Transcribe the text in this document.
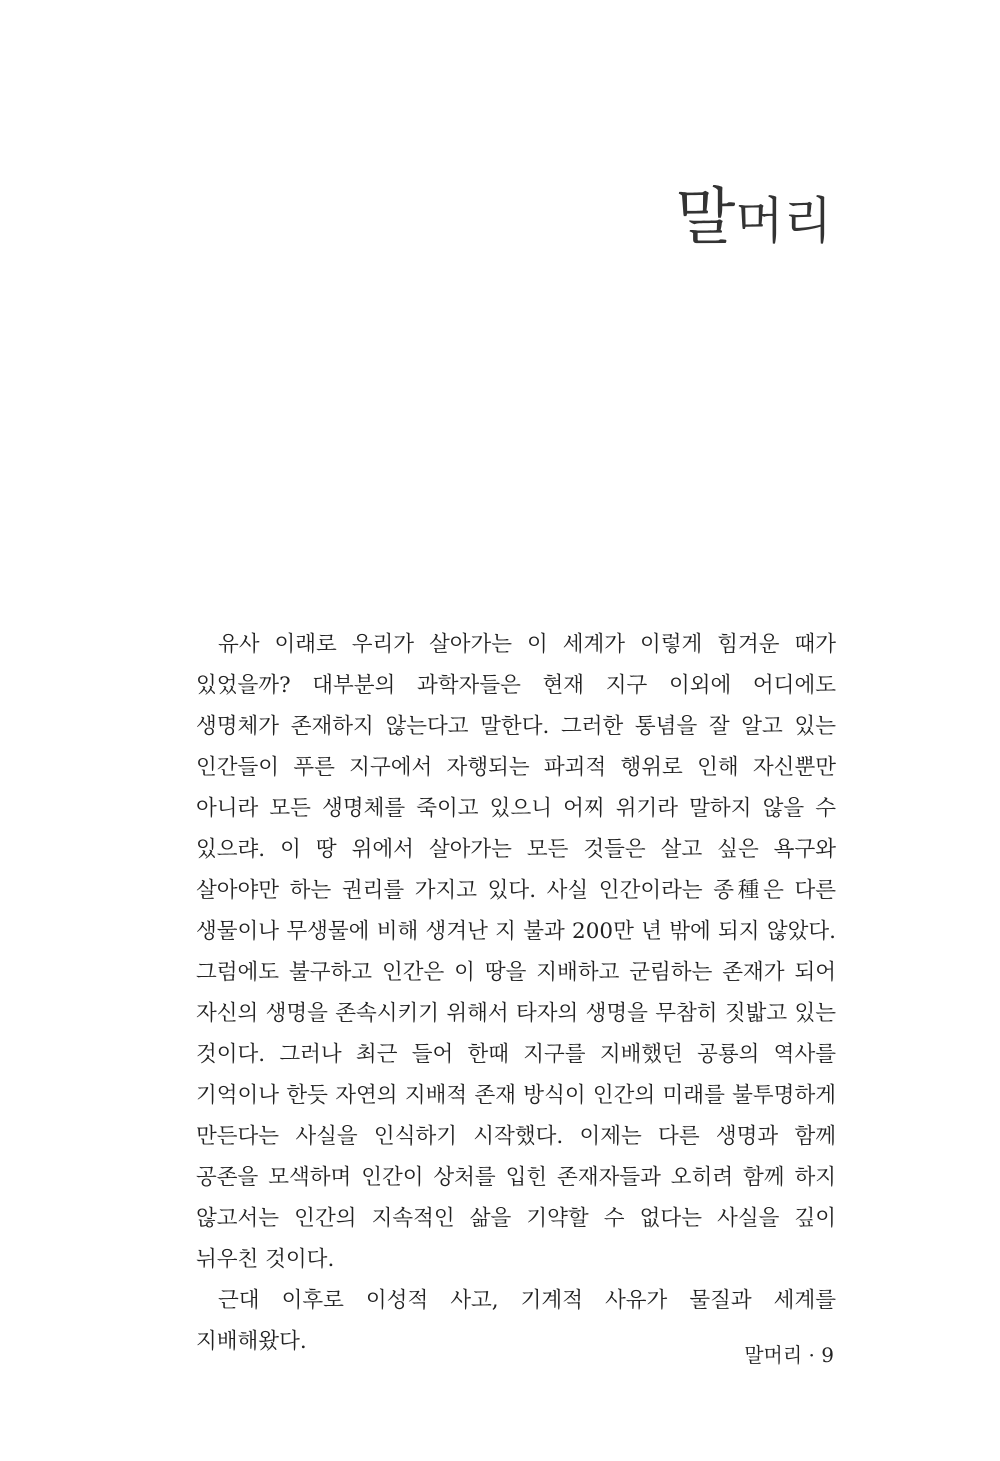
말머리

유사 이래로 우리가 살아가는 이 세계가 이렇게 힘겨운 때가 있었을까? 대부분의 과학자들은 현재 지구 이외에 어디에도 생명체가 존재하지 않는다고 말한다. 그러한 통념을 잘 알고 있는 인간들이 푸른 지구에서 자행되는 파괴적 행위로 인해 자신뿐만 아니라 모든 생명체를 죽이고 있으니 어찌 위기라 말하지 않을 수 있으랴. 이 땅 위에서 살아가는 모든 것들은 살고 싶은 욕구와 살아야만 하는 권리를 가지고 있다. 사실 인간이라는 종種은 다른 생물이나 무생물에 비해 생겨난 지 불과 200만 년 밖에 되지 않았다. 그럼에도 불구하고 인간은 이 땅을 지배하고 군림하는 존재가 되어 자신의 생명을 존속시키기 위해서 타자의 생명을 무참히 짓밟고 있는 것이다. 그러나 최근 들어 한때 지구를 지배했던 공룡의 역사를 기억이나 한듯 자연의 지배적 존재 방식이 인간의 미래를 불투명하게 만든다는 사실을 인식하기 시작했다. 이제는 다른 생명과 함께 공존을 모색하며 인간이 상처를 입힌 존재자들과 오히려 함께 하지 않고서는 인간의 지속적인 삶을 기약할 수 없다는 사실을 깊이 뉘우친 것이다.

근대 이후로 이성적 사고, 기계적 사유가 물질과 세계를 지배해왔다.

말머리 · 9
